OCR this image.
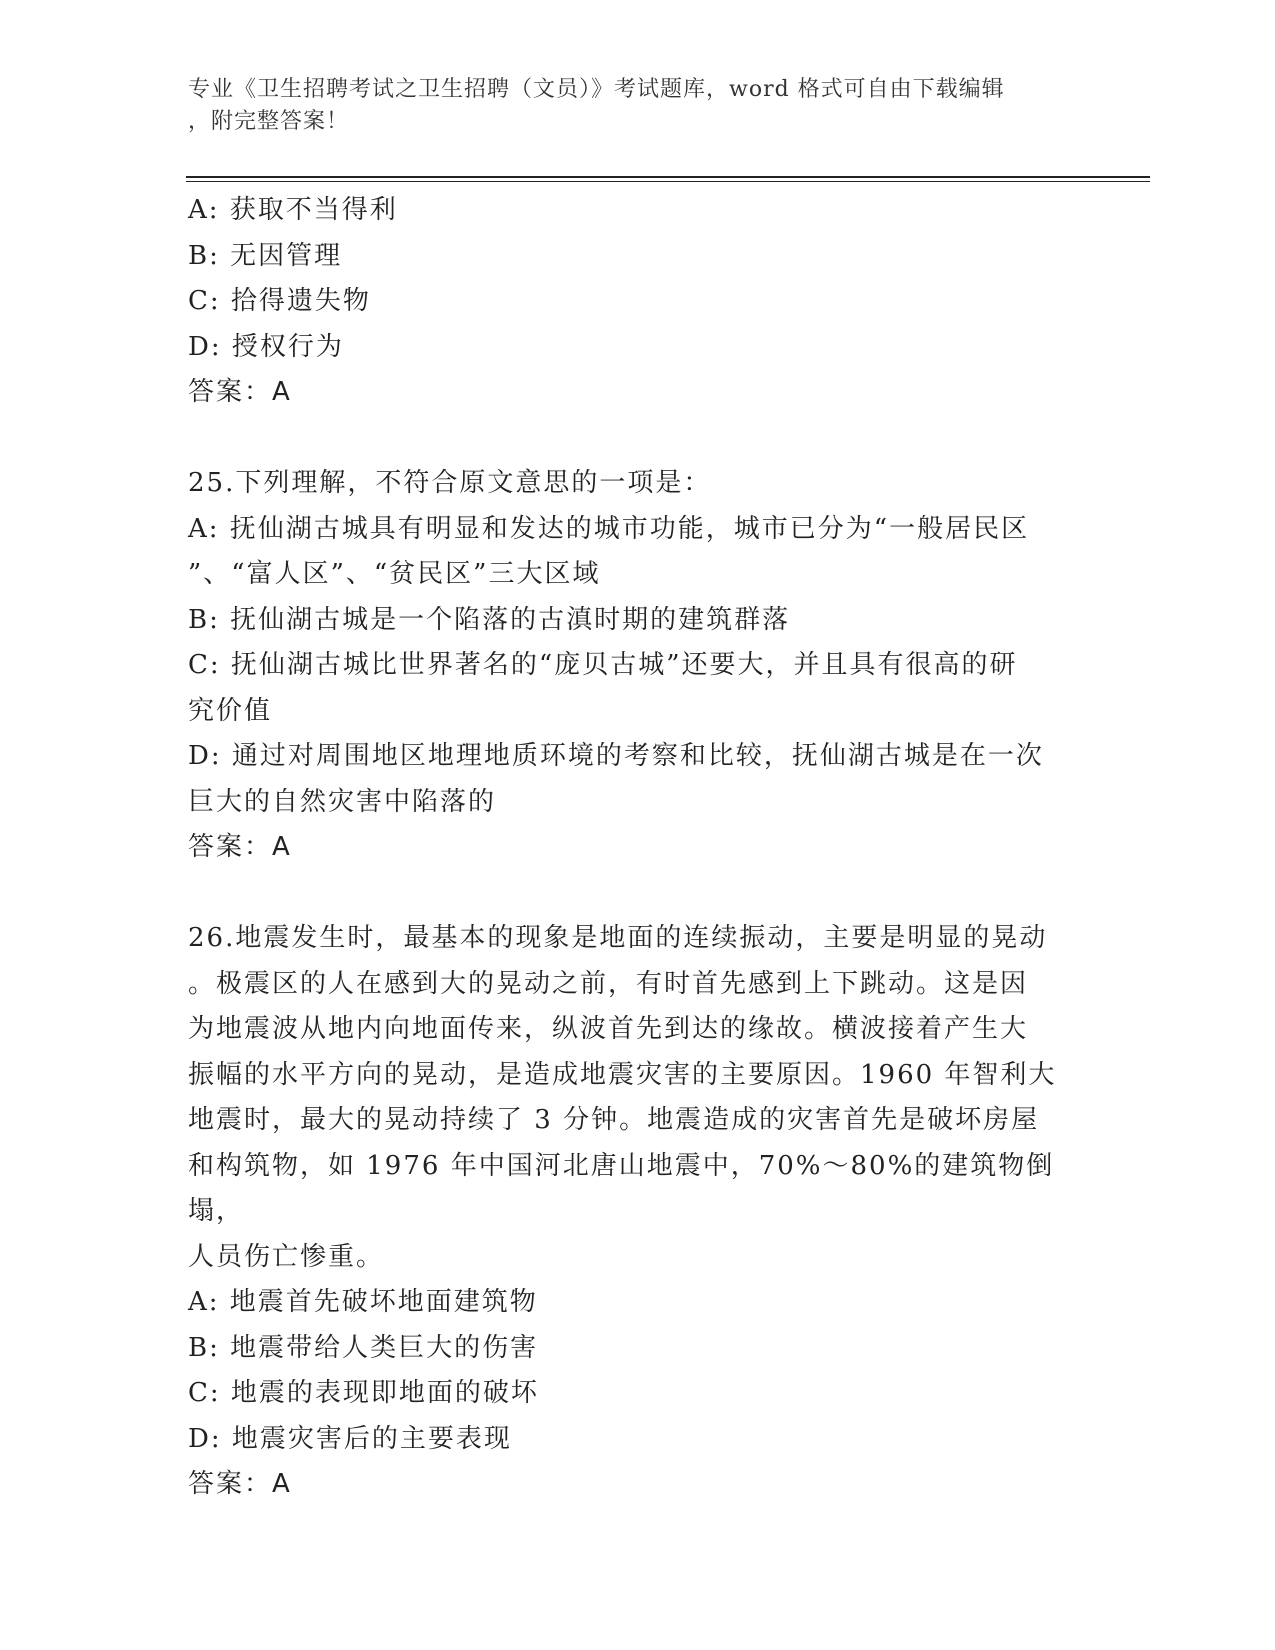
专业《卫生招聘考试之卫生招聘（文员）》考试题库，word 格式可自由下载编辑
，附完整答案！
A: 获取不当得利
B: 无因管理
C: 拾得遗失物
D: 授权行为
答案：A
25.下列理解，不符合原文意思的一项是：
A: 抚仙湖古城具有明显和发达的城市功能，城市已分为“一般居民区
”、“富人区”、“贫民区”三大区域
B: 抚仙湖古城是一个陷落的古滇时期的建筑群落
C: 抚仙湖古城比世界著名的“庞贝古城”还要大，并且具有很高的研
究价值
D: 通过对周围地区地理地质环境的考察和比较，抚仙湖古城是在一次
巨大的自然灾害中陷落的
答案：A
26.地震发生时，最基本的现象是地面的连续振动，主要是明显的晃动
。极震区的人在感到大的晃动之前，有时首先感到上下跳动。这是因
为地震波从地内向地面传来，纵波首先到达的缘故。横波接着产生大
振幅的水平方向的晃动，是造成地震灾害的主要原因。1960 年智利大
地震时，最大的晃动持续了 3 分钟。地震造成的灾害首先是破坏房屋
和构筑物，如 1976 年中国河北唐山地震中，70%～80%的建筑物倒塌，
人员伤亡惨重。
A: 地震首先破坏地面建筑物
B: 地震带给人类巨大的伤害
C: 地震的表现即地面的破坏
D: 地震灾害后的主要表现
答案：A
